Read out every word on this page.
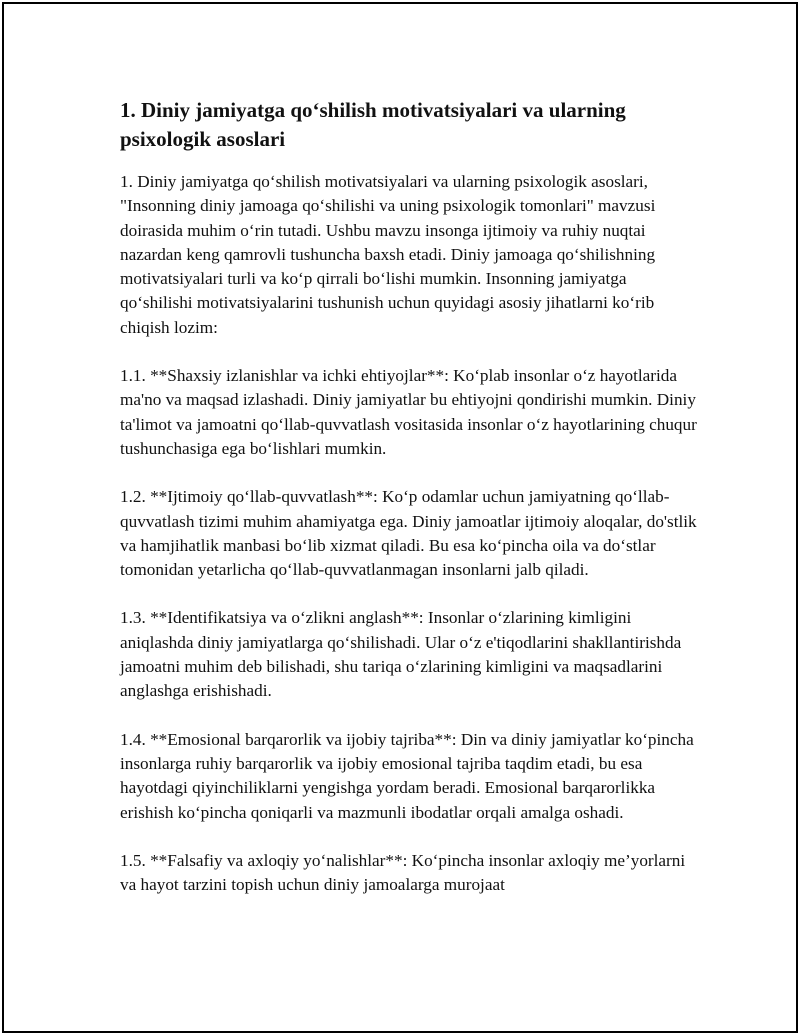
1. Diniy jamiyatga qo‘shilish motivatsiyalari va ularning psixologik asoslari

1. Diniy jamiyatga qo‘shilish motivatsiyalari va ularning psixologik asoslari, "Insonning diniy jamoaga qo‘shilishi va uning psixologik tomonlari" mavzusi doirasida muhim o‘rin tutadi. Ushbu mavzu insonga ijtimoiy va ruhiy nuqtai nazardan keng qamrovli tushuncha baxsh etadi. Diniy jamoaga qo‘shilishning motivatsiyalari turli va ko‘p qirrali bo‘lishi mumkin. Insonning jamiyatga qo‘shilishi motivatsiyalarini tushunish uchun quyidagi asosiy jihatlarni ko‘rib chiqish lozim:

1.1. **Shaxsiy izlanishlar va ichki ehtiyojlar**: Ko‘plab insonlar o‘z hayotlarida ma'no va maqsad izlashadi. Diniy jamiyatlar bu ehtiyojni qondirishi mumkin. Diniy ta'limot va jamoatni qo‘llab-quvvatlash vositasida insonlar o‘z hayotlarining chuqur tushunchasiga ega bo‘lishlari mumkin.

1.2. **Ijtimoiy qo‘llab-quvvatlash**: Ko‘p odamlar uchun jamiyatning qo‘llab-quvvatlash tizimi muhim ahamiyatga ega. Diniy jamoatlar ijtimoiy aloqalar, do'stlik va hamjihatlik manbasi bo‘lib xizmat qiladi. Bu esa ko‘pincha oila va do‘stlar tomonidan yetarlicha qo‘llab-quvvatlanmagan insonlarni jalb qiladi.

1.3. **Identifikatsiya va o‘zlikni anglash**: Insonlar o‘zlarining kimligini aniqlashda diniy jamiyatlarga qo‘shilishadi. Ular o‘z e'tiqodlarini shakllantirishda jamoatni muhim deb bilishadi, shu tariqa o‘zlarining kimligini va maqsadlarini anglashga erishishadi.

1.4. **Emosional barqarorlik va ijobiy tajriba**: Din va diniy jamiyatlar ko‘pincha insonlarga ruhiy barqarorlik va ijobiy emosional tajriba taqdim etadi, bu esa hayotdagi qiyinchiliklarni yengishga yordam beradi. Emosional barqarorlikka erishish ko‘pincha qoniqarli va mazmunli ibodatlar orqali amalga oshadi.

1.5. **Falsafiy va axloqiy yo‘nalishlar**: Ko‘pincha insonlar axloqiy me’yorlarni va hayot tarzini topish uchun diniy jamoalarga murojaat
